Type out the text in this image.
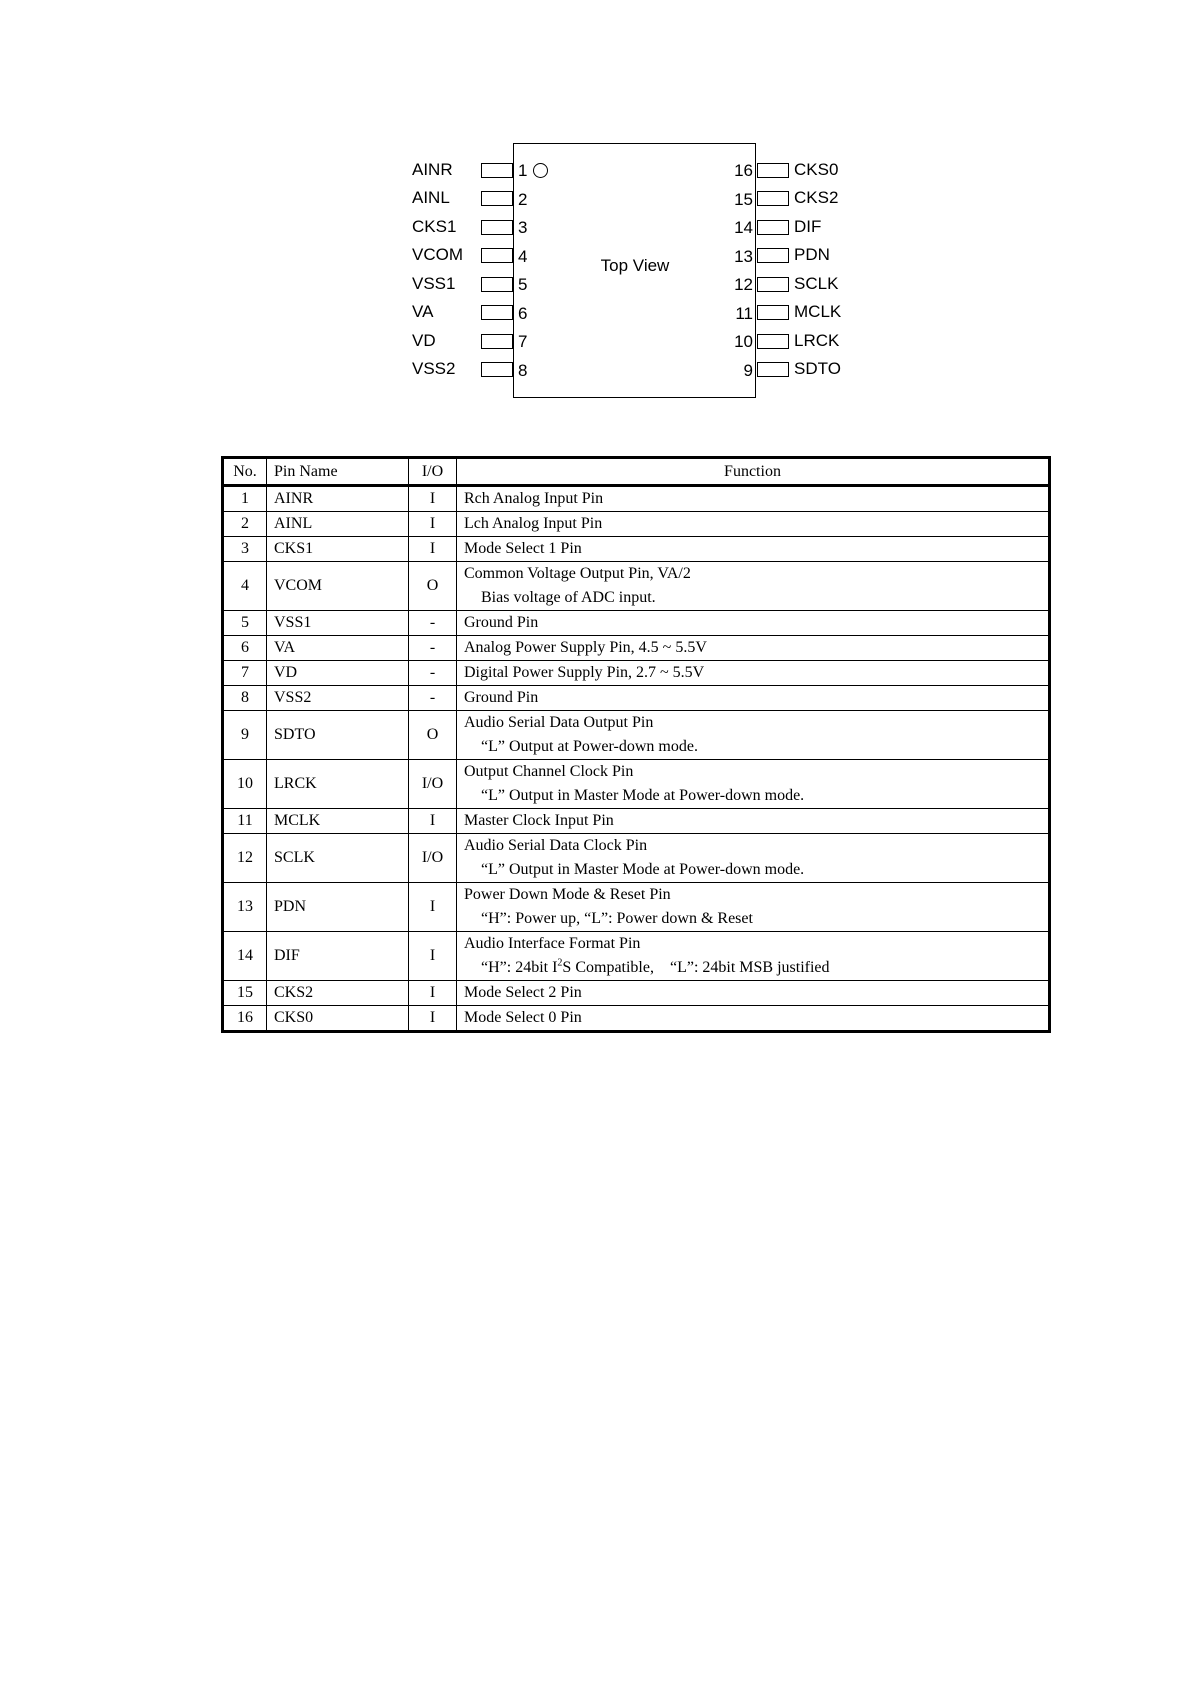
Top View
AINR	1
AINL	2
CKS1	3
VCOM	4
VSS1	5
VA	6
VD	7
VSS2	8
16 CKS0
15 CKS2
14 DIF
13 PDN
12 SCLK
11 MCLK
10 LRCK
9 SDTO
No.	Pin Name	I/O	Function
1	AINR	I	Rch Analog Input Pin
2	AINL	I	Lch Analog Input Pin
3	CKS1	I	Mode Select 1 Pin
4	VCOM	O	Common Voltage Output Pin, VA/2
Bias voltage of ADC input.

5	VSS1	-	Ground Pin
6	VA	-	Analog Power Supply Pin, 4.5 ~ 5.5V
7	VD	-	Digital Power Supply Pin, 2.7 ~ 5.5V
8	VSS2	-	Ground Pin
9	SDTO	O	Audio Serial Data Output Pin
“L” Output at Power-down mode.

10	LRCK	I/O	Output Channel Clock Pin
“L” Output in Master Mode at Power-down mode.

11	MCLK	I	Master Clock Input Pin
12	SCLK	I/O	Audio Serial Data Clock Pin
“L” Output in Master Mode at Power-down mode.

13	PDN	I	Power Down Mode & Reset Pin
“H”: Power up, “L”: Power down & Reset

14	DIF	I	Audio Interface Format Pin
“H”: 24bit $I^2S$ Compatible,    “L”: 24bit MSB justified

15	CKS2	I	Mode Select 2 Pin
16	CKS0	I	Mode Select 0 Pin
